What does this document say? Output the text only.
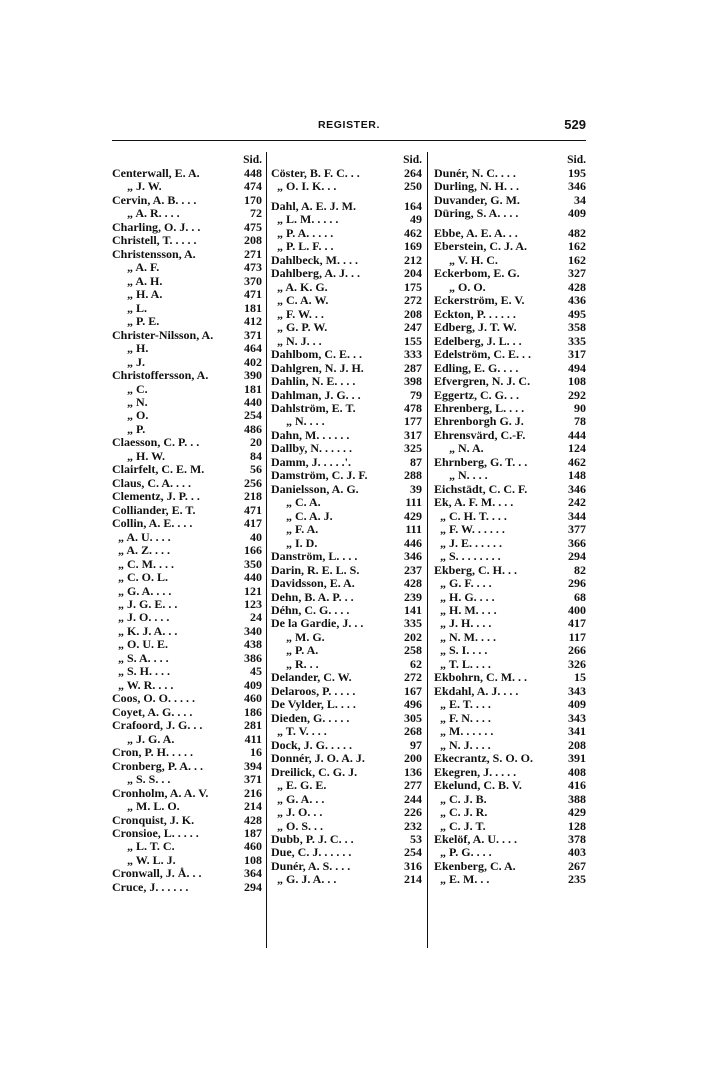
REGISTER.	529
Sid.
Centerwall, E. A.	448
„ J. W.	474
Cervin, A. B. . . .	170
„ A. R. . . .	72
Charling, O. J. . .	475
Christell, T. . . . .	208
Christensson, A.	271
„ A. F.	473
„ A. H.	370
„ H. A.	471
„ L.	181
„ P. E.	412
Christer-Nilsson, A.	371
„ H.	464
„ J.	402
Christoffersson, A.	390
„ C.	181
„ N.	440
„ O.	254
„ P.	486
Claesson, C. P. . .	20
„ H. W.	84
Clairfelt, C. E. M.	56
Claus, C. A. . . .	256
Clementz, J. P. . .	218
Colliander, E. T.	471
Collin, A. E. . . .	417
„ A. U. . . .	40
„ A. Z. . . .	166
„ C. M. . . .	350
„ C. O. L.	440
„ G. A. . . .	121
„ J. G. E. . .	123
„ J. O. . . .	24
„ K. J. A. . .	340
„ O. U. E.	438
„ S. A. . . .	386
„ S. H. . . .	45
„ W. R. . . .	409
Coos, O. O. . . . .	460
Coyet, A. G. . . .	186
Crafoord, J. G. . .	281
„ J. G. A.	411
Cron, P. H. . . . .	16
Cronberg, P. A. . .	394
„ S. S. . .	371
Cronholm, A. A. V.	216
„ M. L. O.	214
Cronquist, J. K.	428
Cronsioe, L. . . . .	187
„ L. T. C.	460
„ W. L. J.	108
Cronwall, J. Å. . .	364
Cruce, J. . . . . .	294
Sid.
Cöster, B. F. C. . .	264
„ O. I. K. . .	250
Dahl, A. E. J. M.	164
„ L. M. . . . .	49
„ P. A. . . . .	462
„ P. L. F. . .	169
Dahlbeck, M. . . .	212
Dahlberg, A. J. . .	204
„ A. K. G.	175
„ C. A. W.	272
„ F. W. . .	208
„ G. P. W.	247
„ N. J. . .	155
Dahlbom, C. E. . .	333
Dahlgren, N. J. H.	287
Dahlin, N. E. . . .	398
Dahlman, J. G. . .	79
Dahlström, E. T.	478
„ N. . . .	177
Dahn, M. . . . . .	317
Dallby, N. . . . . .	325
Damm, J. . . . .'.	87
Damström, C. J. F.	288
Danielsson, A. G.	39
„ C. A.	111
„ C. A. J.	429
„ F. A.	111
„ I. D.	446
Danström, L. . . .	346
Darin, R. E. L. S.	237
Davidsson, E. A.	428
Dehn, B. A. P. . .	239
Déhn, C. G. . . .	141
De la Gardie, J. . .	335
„ M. G.	202
„ P. A.	258
„ R. . .	62
Delander, C. W.	272
Delaroos, P. . . . .	167
De Vylder, L. . . .	496
Dieden, G. . . . .	305
„ T. V. . . .	268
Dock, J. G. . . . .	97
Donnér, J. O. A. J.	200
Dreilick, C. G. J.	136
„ E. G. E.	277
„ G. A. . .	244
„ J. O. . .	226
„ O. S. . .	232
Dubb, P. J. C. . .	53
Due, C. J. . . . . .	254
Dunér, A. S. . . .	316
„ G. J. A. . .	214
Sid.
Dunér, N. C. . . .	195
Durling, N. H. . .	346
Duvander, G. M.	34
Düring, S. A. . . .	409
Ebbe, A. E. A. . .	482
Eberstein, C. J. A.	162
„ V. H. C.	162
Eckerbom, E. G.	327
„ O. O.	428
Eckerström, E. V.	436
Eckton, P. . . . . .	495
Edberg, J. T. W.	358
Edelberg, J. L. . .	335
Edelström, C. E. . .	317
Edling, E. G. . . .	494
Efvergren, N. J. C.	108
Eggertz, C. G. . .	292
Ehrenberg, L. . . .	90
Ehrenborgh G. J.	78
Ehrensvärd, C.-F.	444
„ N. A.	124
Ehrnberg, G. T. . .	462
„ N. . . .	148
Eichstädt, C. C. F.	346
Ek, A. F. M. . . .	242
„ C. H. T. . . .	344
„ F. W. . . . . .	377
„ J. E. . . . . .	366
„ S. . . . . . . .	294
Ekberg, C. H. . .	82
„ G. F. . . .	296
„ H. G. . . .	68
„ H. M. . . .	400
„ J. H. . . .	417
„ N. M. . . .	117
„ S. I. . . .	266
„ T. L. . . .	326
Ekbohrn, C. M. . .	15
Ekdahl, A. J. . . .	343
„ E. T. . . .	409
„ F. N. . . .	343
„ M. . . . . .	341
„ N. J. . . .	208
Ekecrantz, S. O. O.	391
Ekegren, J. . . . .	408
Ekelund, C. B. V.	416
„ C. J. B.	388
„ C. J. R.	429
„ C. J. T.	128
Ekelöf, A. U. . . .	378
„ P. G. . . .	403
Ekenberg, C. A.	267
„ E. M. . .	235
